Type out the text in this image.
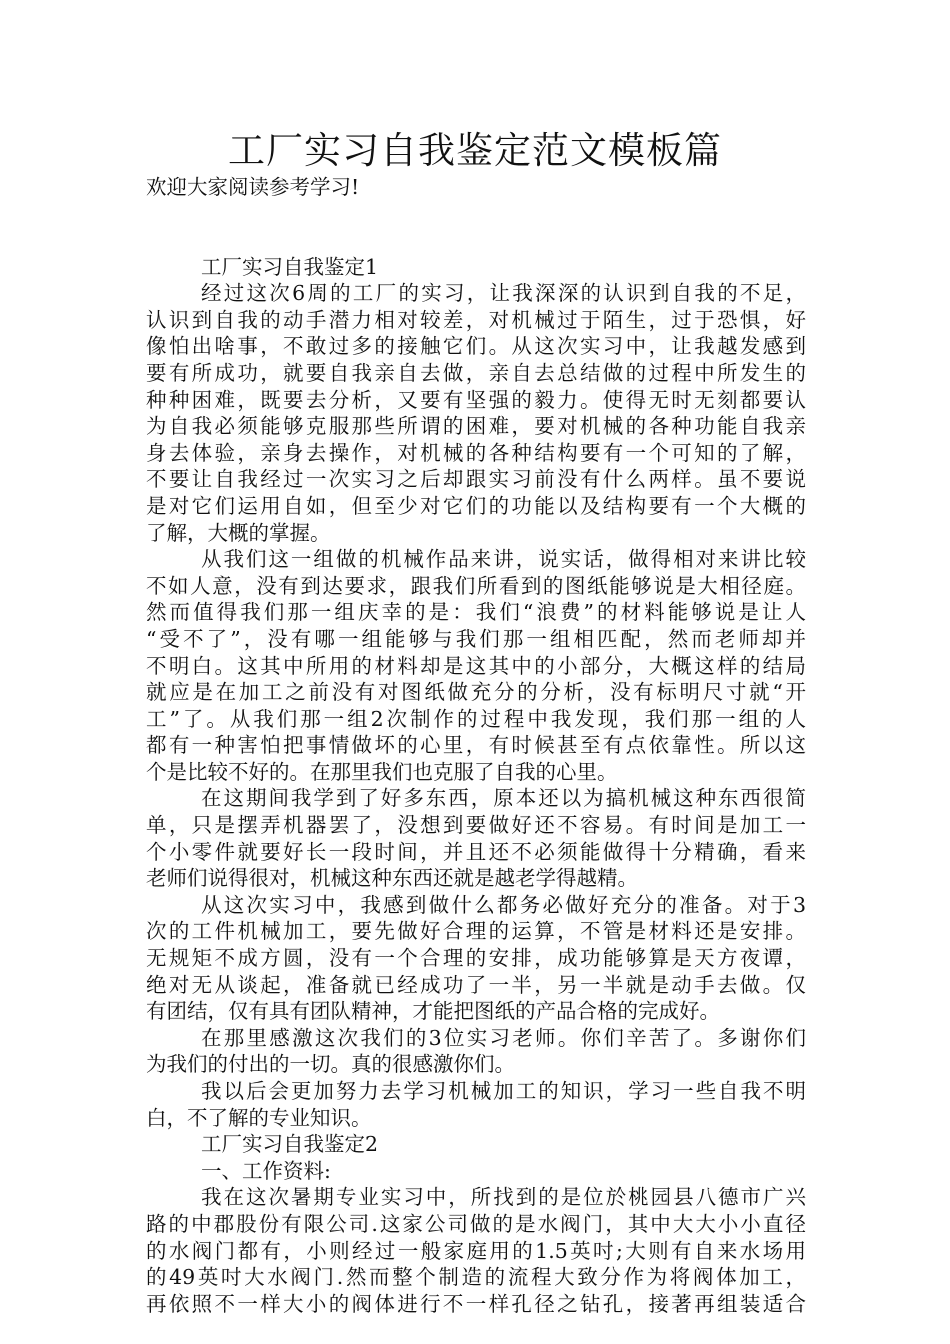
工厂实习自我鉴定范文模板篇
欢迎大家阅读参考学习!
工厂实习自我鉴定1
经过这次6周的工厂的实习，让我深深的认识到自我的不足，
认识到自我的动手潜力相对较差，对机械过于陌生，过于恐惧，好
像怕出啥事，不敢过多的接触它们。从这次实习中，让我越发感到
要有所成功，就要自我亲自去做，亲自去总结做的过程中所发生的
种种困难，既要去分析，又要有坚强的毅力。使得无时无刻都要认
为自我必须能够克服那些所谓的困难，要对机械的各种功能自我亲
身去体验，亲身去操作，对机械的各种结构要有一个可知的了解，
不要让自我经过一次实习之后却跟实习前没有什么两样。虽不要说
是对它们运用自如，但至少对它们的功能以及结构要有一个大概的
了解，大概的掌握。
从我们这一组做的机械作品来讲，说实话，做得相对来讲比较
不如人意，没有到达要求，跟我们所看到的图纸能够说是大相径庭。
然而值得我们那一组庆幸的是：我们“浪费”的材料能够说是让人
“受不了”，没有哪一组能够与我们那一组相匹配，然而老师却并
不明白。这其中所用的材料却是这其中的小部分，大概这样的结局
就应是在加工之前没有对图纸做充分的分析，没有标明尺寸就“开
工”了。从我们那一组2次制作的过程中我发现，我们那一组的人
都有一种害怕把事情做坏的心里，有时候甚至有点依靠性。所以这
个是比较不好的。在那里我们也克服了自我的心里。
在这期间我学到了好多东西，原本还以为搞机械这种东西很简
单，只是摆弄机器罢了，没想到要做好还不容易。有时间是加工一
个小零件就要好长一段时间，并且还不必须能做得十分精确，看来
老师们说得很对，机械这种东西还就是越老学得越精。
从这次实习中，我感到做什么都务必做好充分的准备。对于3
次的工件机械加工，要先做好合理的运算，不管是材料还是安排。
无规矩不成方圆，没有一个合理的安排，成功能够算是天方夜谭，
绝对无从谈起，准备就已经成功了一半，另一半就是动手去做。仅
有团结，仅有具有团队精神，才能把图纸的产品合格的完成好。
在那里感激这次我们的3位实习老师。你们辛苦了。多谢你们
为我们的付出的一切。真的很感激你们。
我以后会更加努力去学习机械加工的知识，学习一些自我不明
白，不了解的专业知识。
工厂实习自我鉴定2
一、工作资料:
我在这次暑期专业实习中，所找到的是位於桃园县八德市广兴
路的中郡股份有限公司.这家公司做的是水阀门，其中大大小小直径
的水阀门都有，小则经过一般家庭用的1.5英吋;大则有自来水场用
的49英吋大水阀门.然而整个制造的流程大致分作为将阀体加工，
再依照不一样大小的阀体进行不一样孔径之钻孔，接著再组装适合
